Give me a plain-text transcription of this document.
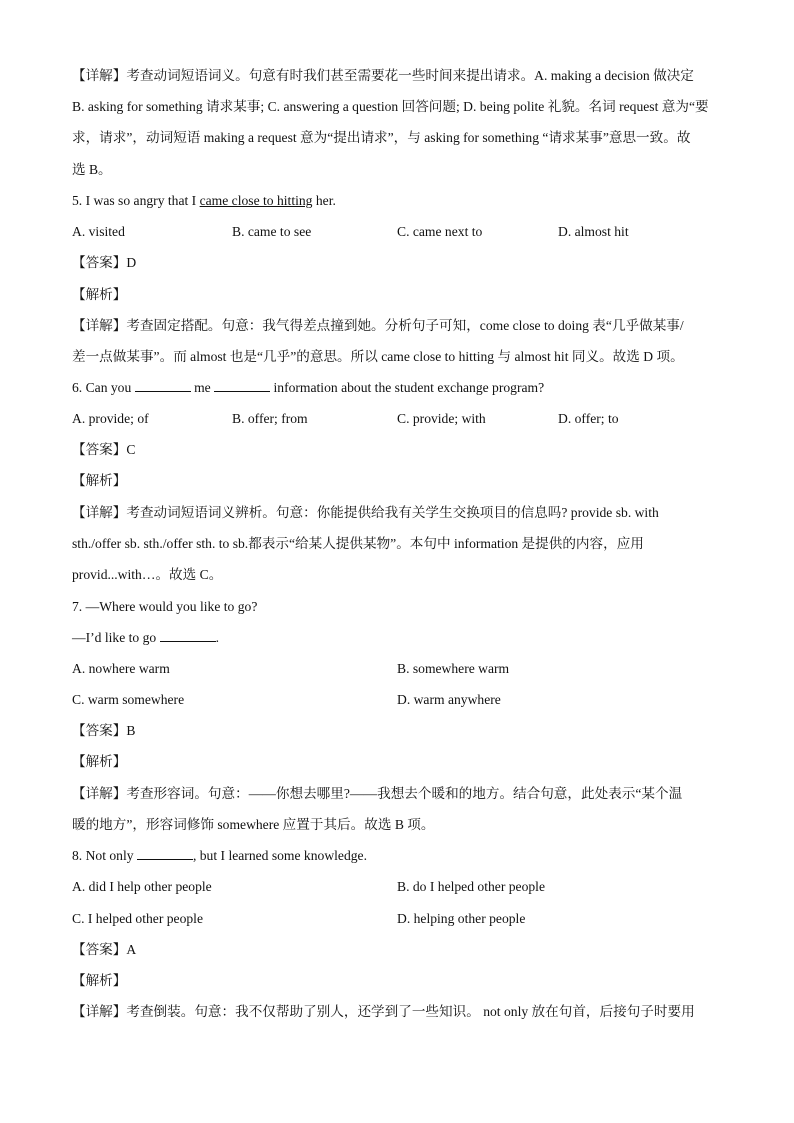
【详解】考查动词短语词义。句意有时我们甚至需要花一些时间来提出请求。A. making a decision 做决定
B. asking for something 请求某事; C. answering a question 回答问题; D. being polite 礼貌。名词 request 意为“要
求，请求”，动词短语 making a request 意为“提出请求”，与 asking for something “请求某事”意思一致。故
选 B。
5. I was so angry that I came close to hitting her.
A. visited	B. came to see	C. came next to	D. almost hit
【答案】D
【解析】
【详解】考查固定搭配。句意：我气得差点撞到她。分析句子可知，come close to doing 表“几乎做某事/
差一点做某事”。而 almost 也是“几乎”的意思。所以 came close to hitting 与 almost hit 同义。故选 D 项。
6. Can you	me	information about the student exchange program?
A. provide; of	B. offer; from	C. provide; with	D. offer; to
【答案】C
【解析】
【详解】考查动词短语词义辨析。句意：你能提供给我有关学生交换项目的信息吗? provide sb. with
sth./offer sb. sth./offer sth. to sb.都表示“给某人提供某物”。本句中 information 是提供的内容，应用
provid...with…。故选 C。
7. —Where would you like to go?
—I’d like to go	.
A. nowhere warm	B. somewhere warm
C. warm somewhere	D. warm anywhere
【答案】B
【解析】
【详解】考查形容词。句意：——你想去哪里?——我想去个暖和的地方。结合句意，此处表示“某个温
暖的地方”，形容词修饰 somewhere 应置于其后。故选 B 项。
8. Not only	, but I learned some knowledge.
A. did I help other people	B. do I helped other people
C. I helped other people	D. helping other people
【答案】A
【解析】
【详解】考查倒装。句意：我不仅帮助了别人，还学到了一些知识。 not only 放在句首，后接句子时要用
